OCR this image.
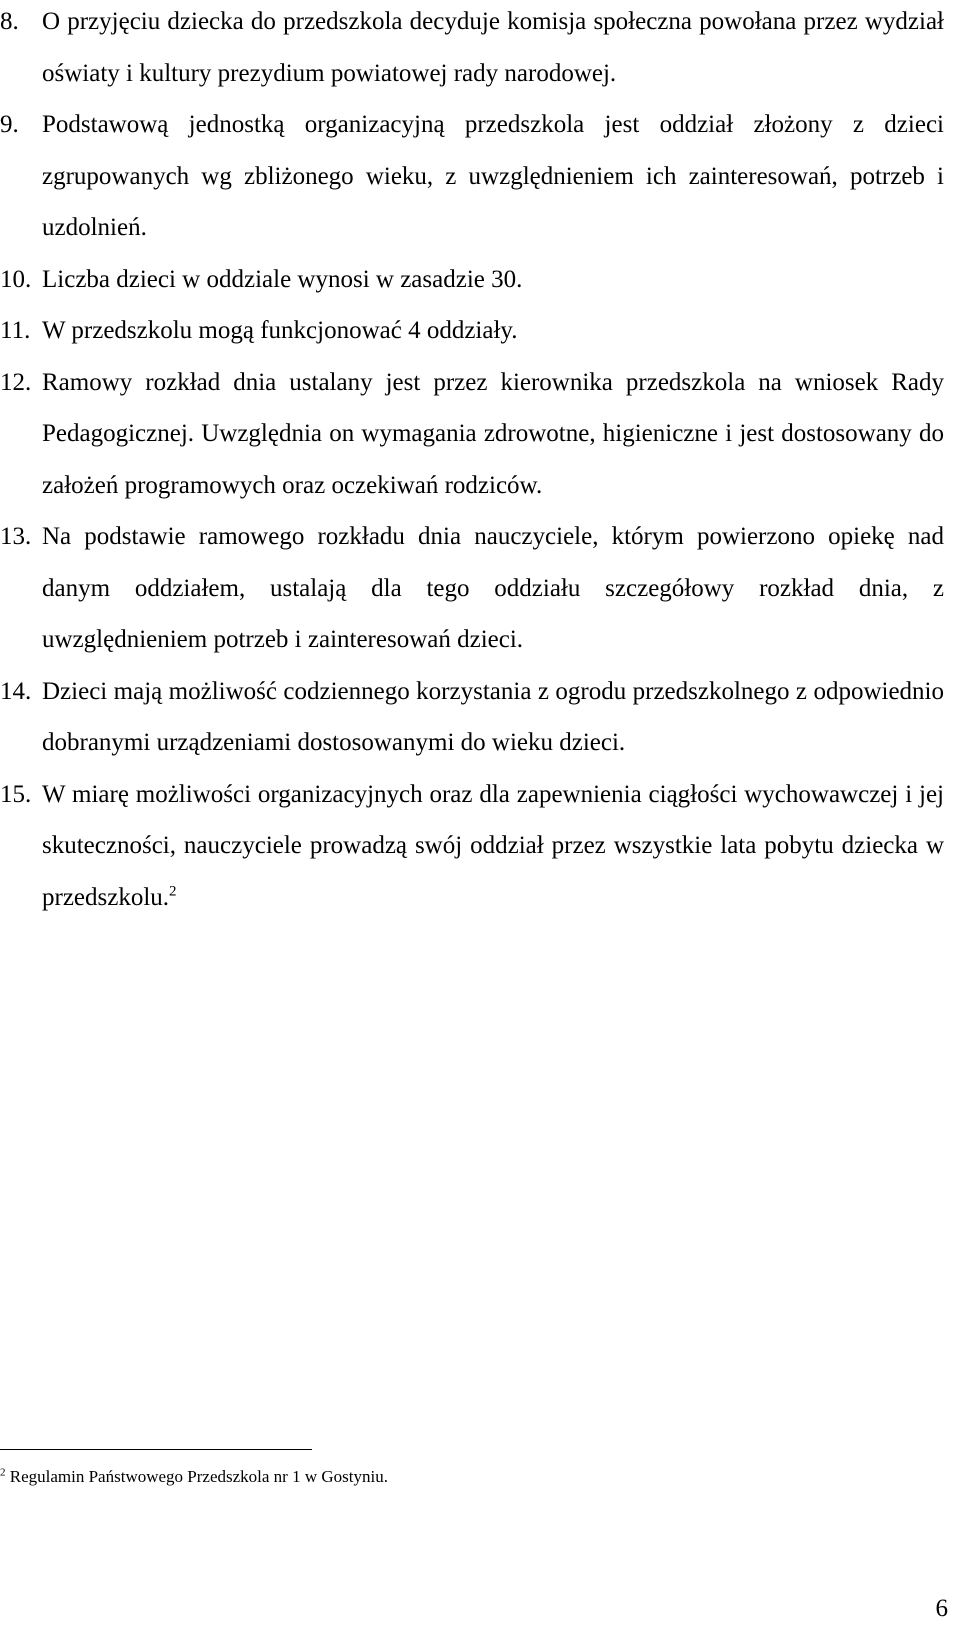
8. O przyjęciu dziecka do przedszkola decyduje komisja społeczna powołana przez wydział oświaty i kultury prezydium powiatowej rady narodowej.
9. Podstawową jednostką organizacyjną przedszkola jest oddział złożony z dzieci zgrupowanych wg zbliżonego wieku, z uwzględnieniem ich zainteresowań, potrzeb i uzdolnień.
10. Liczba dzieci w oddziale wynosi w zasadzie 30.
11. W przedszkolu mogą funkcjonować 4 oddziały.
12. Ramowy rozkład dnia ustalany jest przez kierownika przedszkola na wniosek Rady Pedagogicznej. Uwzględnia on wymagania zdrowotne, higieniczne i jest dostosowany do założeń programowych oraz oczekiwań rodziców.
13. Na podstawie ramowego rozkładu dnia nauczyciele, którym powierzono opiekę nad danym oddziałem, ustalają dla tego oddziału szczegółowy rozkład dnia, z uwzględnieniem potrzeb i zainteresowań dzieci.
14. Dzieci mają możliwość codziennego korzystania z ogrodu przedszkolnego z odpowiednio dobranymi urządzeniami dostosowanymi do wieku dzieci.
15. W miarę możliwości organizacyjnych oraz dla zapewnienia ciągłości wychowawczej i jej skuteczności, nauczyciele prowadzą swój oddział przez wszystkie lata pobytu dziecka w przedszkolu.$^2$
$^2$ Regulamin Państwowego Przedszkola nr 1 w Gostyniu.
6
